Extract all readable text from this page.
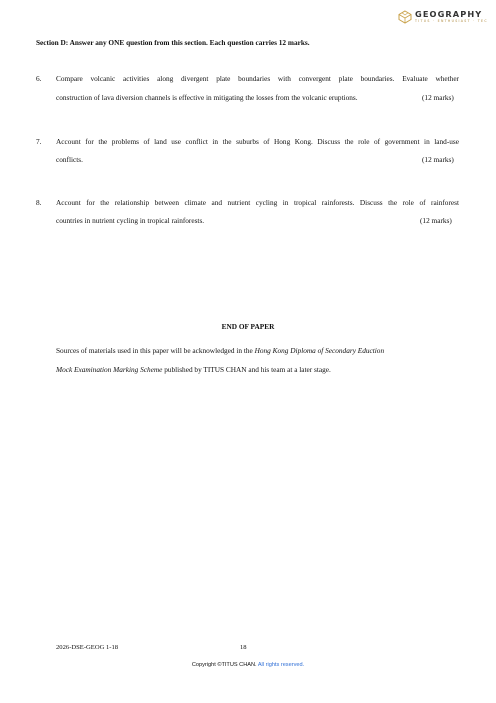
GEOGRAPHY
TITUS · ENTHUSIAST · TEC
Section D: Answer any ONE question from this section. Each question carries 12 marks.
6. Compare volcanic activities along divergent plate boundaries with convergent plate boundaries. Evaluate whether
construction of lava diversion channels is effective in mitigating the losses from the volcanic eruptions.	(12 marks)
7. Account for the problems of land use conflict in the suburbs of Hong Kong. Discuss the role of government in land-use
conflicts.	(12 marks)
8. Account for the relationship between climate and nutrient cycling in tropical rainforests. Discuss the role of rainforest
countries in nutrient cycling in tropical rainforests.	(12 marks)
END OF PAPER
Sources of materials used in this paper will be acknowledged in the Hong Kong Diploma of Secondary Eduction
Mock Examination Marking Scheme published by TITUS CHAN and his team at a later stage.
2026-DSE-GEOG 1-18	18
Copyright ©TITUS CHAN. All rights reserved.
